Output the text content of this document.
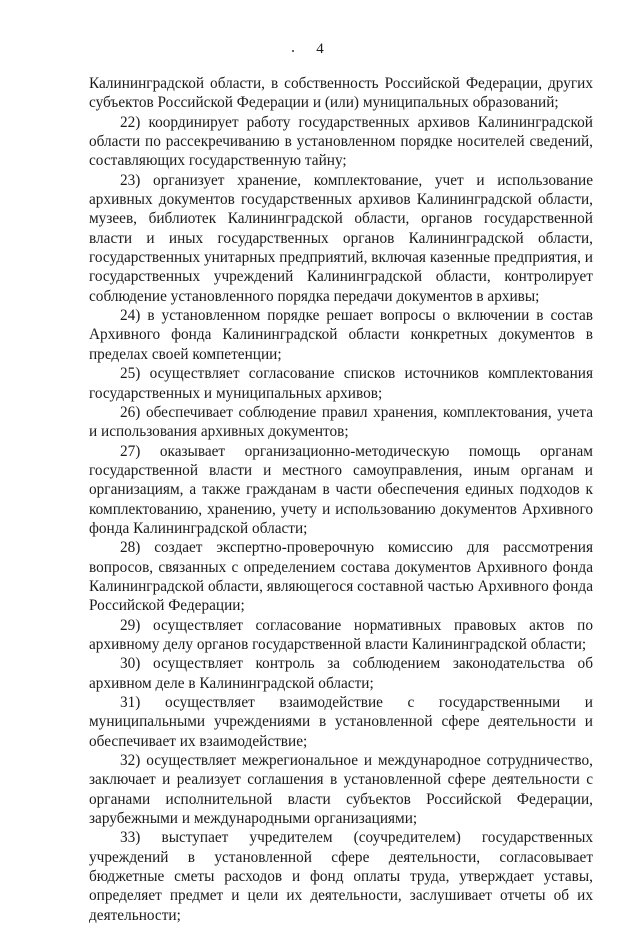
4

Калининградской области, в собственность Российской Федерации, других субъектов Российской Федерации и (или) муниципальных образований;

22) координирует работу государственных архивов Калининградской области по рассекречиванию в установленном порядке носителей сведений, составляющих государственную тайну;

23) организует хранение, комплектование, учет и использование архивных документов государственных архивов Калининградской области, музеев, библиотек Калининградской области, органов государственной власти и иных государственных органов Калининградской области, государственных унитарных предприятий, включая казенные предприятия, и государственных учреждений Калининградской области, контролирует соблюдение установленного порядка передачи документов в архивы;

24) в установленном порядке решает вопросы о включении в состав Архивного фонда Калининградской области конкретных документов в пределах своей компетенции;

25) осуществляет согласование списков источников комплектования государственных и муниципальных архивов;

26) обеспечивает соблюдение правил хранения, комплектования, учета и использования архивных документов;

27) оказывает организационно-методическую помощь органам государственной власти и местного самоуправления, иным органам и организациям, а также гражданам в части обеспечения единых подходов к комплектованию, хранению, учету и использованию документов Архивного фонда Калининградской области;

28) создает экспертно-проверочную комиссию для рассмотрения вопросов, связанных с определением состава документов Архивного фонда Калининградской области, являющегося составной частью Архивного фонда Российской Федерации;

29) осуществляет согласование нормативных правовых актов по архивному делу органов государственной власти Калининградской области;

30) осуществляет контроль за соблюдением законодательства об архивном деле в Калининградской области;

31) осуществляет взаимодействие с государственными и муниципальными учреждениями в установленной сфере деятельности и обеспечивает их взаимодействие;

32) осуществляет межрегиональное и международное сотрудничество, заключает и реализует соглашения в установленной сфере деятельности с органами исполнительной власти субъектов Российской Федерации, зарубежными и международными организациями;

33) выступает учредителем (соучредителем) государственных учреждений в установленной сфере деятельности, согласовывает бюджетные сметы расходов и фонд оплаты труда, утверждает уставы, определяет предмет и цели их деятельности, заслушивает отчеты об их деятельности;
